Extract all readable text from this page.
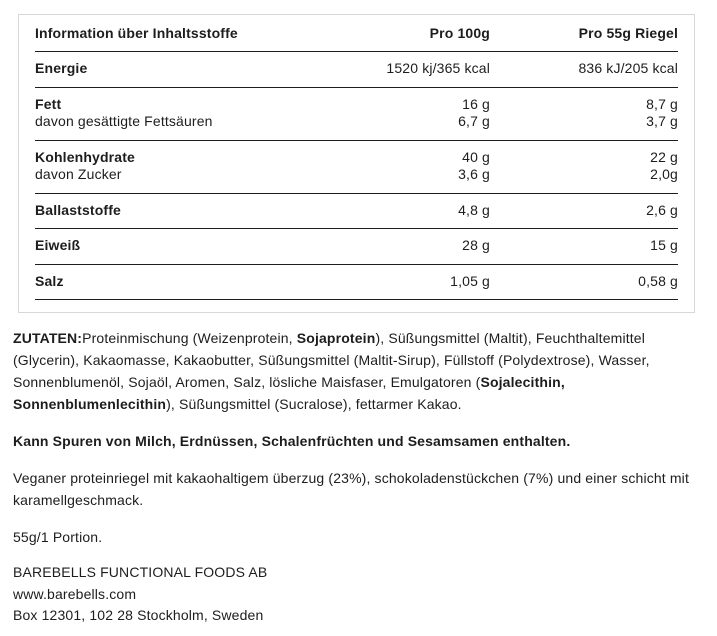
Information über Inhaltsstoffe	Pro 100g	Pro 55g Riegel
Energie	1520 kj/365 kcal	836 kJ/205 kcal
Fett	16 g	8,7 g
davon gesättigte Fettsäuren	6,7 g	3,7 g
Kohlenhydrate	40 g	22 g
davon Zucker	3,6 g	2,0g
Ballaststoffe	4,8 g	2,6 g
Eiweiß	28 g	15 g
Salz	1,05 g	0,58 g

ZUTATEN:Proteinmischung (Weizenprotein, Sojaprotein), Süßungsmittel (Maltit), Feuchthaltemittel (Glycerin), Kakaomasse, Kakaobutter, Süßungsmittel (Maltit-Sirup), Füllstoff (Polydextrose), Wasser, Sonnenblumenöl, Sojaöl, Aromen, Salz, lösliche Maisfaser, Emulgatoren (Sojalecithin, Sonnenblumenlecithin), Süßungsmittel (Sucralose), fettarmer Kakao.

Kann Spuren von Milch, Erdnüssen, Schalenfrüchten und Sesamsamen enthalten.

Veganer proteinriegel mit kakaohaltigem überzug (23%), schokoladenstückchen (7%) und einer schicht mit karamellgeschmack.

55g/1 Portion.

BAREBELLS FUNCTIONAL FOODS AB
www.barebells.com
Box 12301, 102 28 Stockholm, Sweden
